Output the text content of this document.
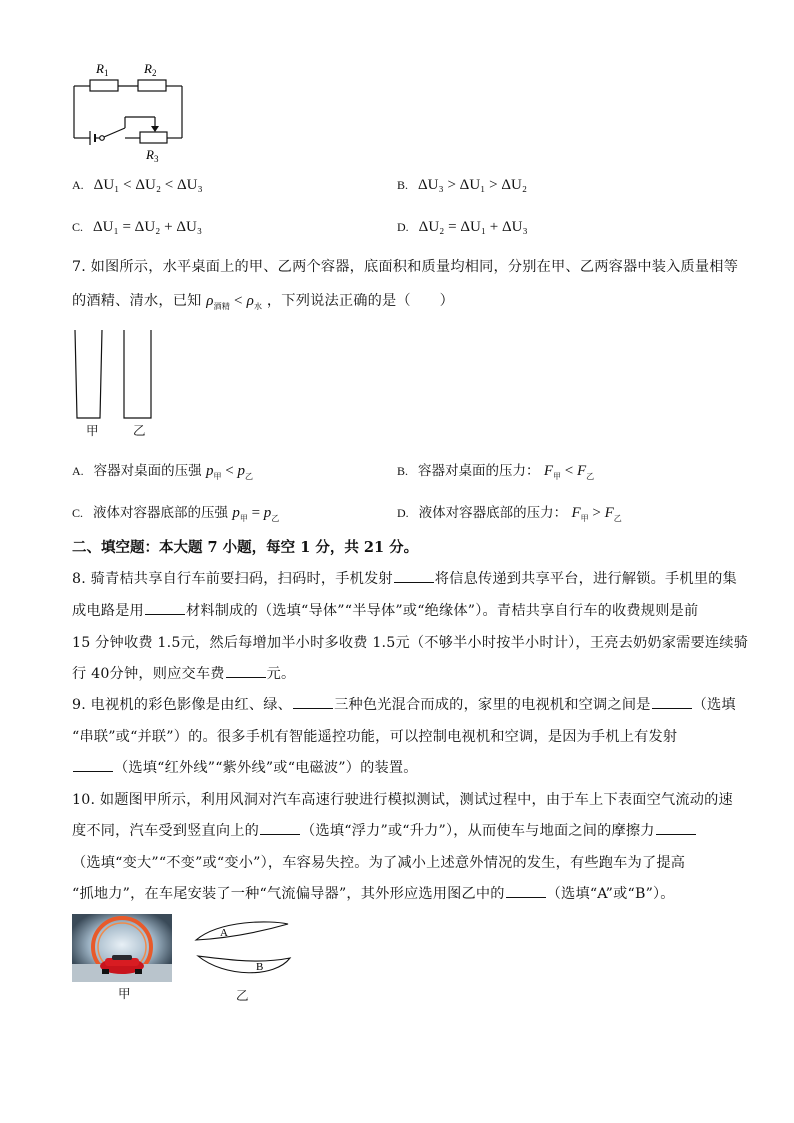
$R_1$	$R_2$
$R_3$
A. ΔU₁ < ΔU₂ < ΔU₃	B. ΔU₃ > ΔU₁ > ΔU₂
C. ΔU₁ = ΔU₂ + ΔU₃	D. ΔU₂ = ΔU₁ + ΔU₃
7. 如图所示，水平桌面上的甲、乙两个容器，底面积和质量均相同，分别在甲、乙两容器中装入质量相等
的酒精、清水，已知 $\rho_{酒精} < \rho_水$ ，下列说法正确的是（　　）
甲	乙
A. 容器对桌面的压强 $p_甲 < p_乙$	B. 容器对桌面的压力： $F_甲 < F_乙$
C. 液体对容器底部的压强 $p_甲 = p_乙$	D. 液体对容器底部的压力： $F_甲 > F_乙$
二、填空题：本大题 7 小题，每空 1 分，共 21 分。
8. 骑青桔共享自行车前要扫码，扫码时，手机发射	将信息传递到共享平台，进行解锁。手机里的集
成电路是用	材料制成的（选填“导体”“半导体”或“绝缘体”）。青桔共享自行车的收费规则是前
15 分钟收费 1.5元，然后每增加半小时多收费 1.5元（不够半小时按半小时计），王亮去奶奶家需要连续骑
行 40分钟，则应交车费	元。
9. 电视机的彩色影像是由红、绿、	三种色光混合而成的，家里的电视机和空调之间是	（选填
“串联”或“并联”）的。很多手机有智能遥控功能，可以控制电视机和空调，是因为手机上有发射
（选填“红外线”“紫外线”或“电磁波”）的装置。
10. 如题图甲所示，利用风洞对汽车高速行驶进行模拟测试，测试过程中，由于车上下表面空气流动的速
度不同，汽车受到竖直向上的	（选填“浮力”或“升力”），从而使车与地面之间的摩擦力
（选填“变大”“不变”或“变小”），车容易失控。为了减小上述意外情况的发生，有些跑车为了提高
“抓地力”，在车尾安装了一种“气流偏导器”，其外形应选用图乙中的	（选填“A”或“B”）。
甲
A
B
乙
